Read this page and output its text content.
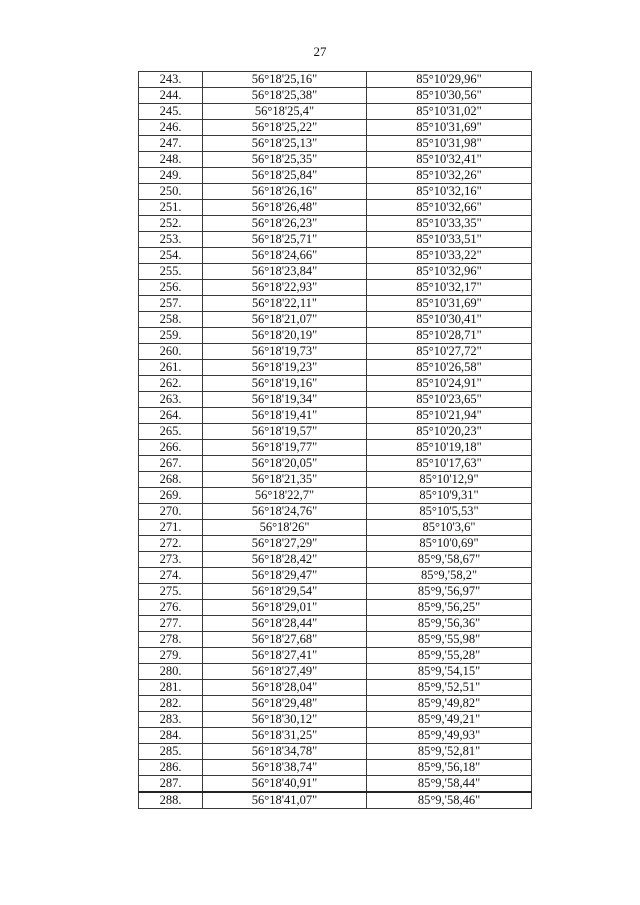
27
243.	56°18'25,16"	85°10'29,96"
244.	56°18'25,38"	85°10'30,56"
245.	56°18'25,4"	85°10'31,02"
246.	56°18'25,22"	85°10'31,69"
247.	56°18'25,13"	85°10'31,98"
248.	56°18'25,35"	85°10'32,41"
249.	56°18'25,84"	85°10'32,26"
250.	56°18'26,16"	85°10'32,16"
251.	56°18'26,48"	85°10'32,66"
252.	56°18'26,23"	85°10'33,35"
253.	56°18'25,71"	85°10'33,51"
254.	56°18'24,66"	85°10'33,22"
255.	56°18'23,84"	85°10'32,96"
256.	56°18'22,93"	85°10'32,17"
257.	56°18'22,11"	85°10'31,69"
258.	56°18'21,07"	85°10'30,41"
259.	56°18'20,19"	85°10'28,71"
260.	56°18'19,73"	85°10'27,72"
261.	56°18'19,23"	85°10'26,58"
262.	56°18'19,16"	85°10'24,91"
263.	56°18'19,34"	85°10'23,65"
264.	56°18'19,41"	85°10'21,94"
265.	56°18'19,57"	85°10'20,23"
266.	56°18'19,77"	85°10'19,18"
267.	56°18'20,05"	85°10'17,63"
268.	56°18'21,35"	85°10'12,9"
269.	56°18'22,7"	85°10'9,31"
270.	56°18'24,76"	85°10'5,53"
271.	56°18'26"	85°10'3,6"
272.	56°18'27,29"	85°10'0,69"
273.	56°18'28,42"	85°9,'58,67"
274.	56°18'29,47"	85°9,'58,2"
275.	56°18'29,54"	85°9,'56,97"
276.	56°18'29,01"	85°9,'56,25"
277.	56°18'28,44"	85°9,'56,36"
278.	56°18'27,68"	85°9,'55,98"
279.	56°18'27,41"	85°9,'55,28"
280.	56°18'27,49"	85°9,'54,15"
281.	56°18'28,04"	85°9,'52,51"
282.	56°18'29,48"	85°9,'49,82"
283.	56°18'30,12"	85°9,'49,21"
284.	56°18'31,25"	85°9,'49,93"
285.	56°18'34,78"	85°9,'52,81"
286.	56°18'38,74"	85°9,'56,18"
287.	56°18'40,91"	85°9,'58,44"
288.	56°18'41,07"	85°9,'58,46"
